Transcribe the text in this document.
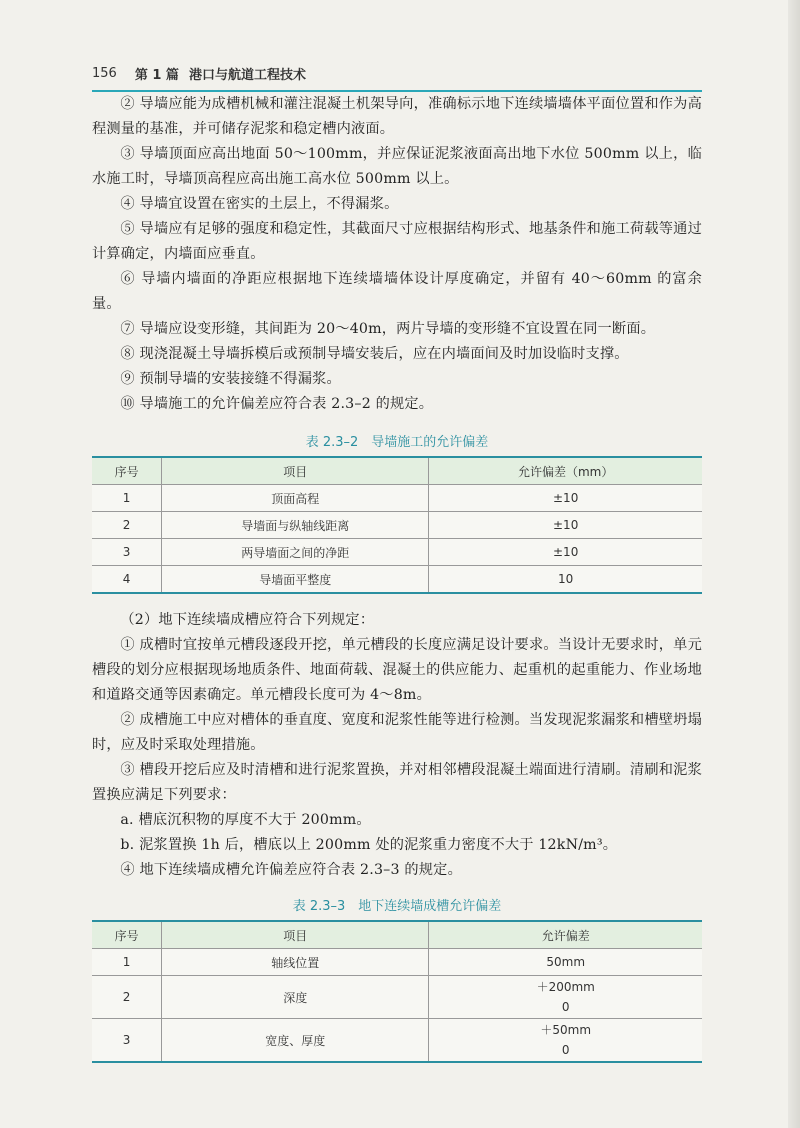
156 第 1 篇 港口与航道工程技术

② 导墙应能为成槽机械和灌注混凝土机架导向，准确标示地下连续墙墙体平面位置和作为高程测量的基准，并可储存泥浆和稳定槽内液面。

③ 导墙顶面应高出地面 50～100mm，并应保证泥浆液面高出地下水位 500mm 以上，临水施工时，导墙顶高程应高出施工高水位 500mm 以上。

④ 导墙宜设置在密实的土层上，不得漏浆。

⑤ 导墙应有足够的强度和稳定性，其截面尺寸应根据结构形式、地基条件和施工荷载等通过计算确定，内墙面应垂直。

⑥ 导墙内墙面的净距应根据地下连续墙墙体设计厚度确定，并留有 40～60mm 的富余量。

⑦ 导墙应设变形缝，其间距为 20～40m，两片导墙的变形缝不宜设置在同一断面。

⑧ 现浇混凝土导墙拆模后或预制导墙安装后，应在内墙面间及时加设临时支撑。

⑨ 预制导墙的安装接缝不得漏浆。

⑩ 导墙施工的允许偏差应符合表 2.3–2 的规定。

表 2.3–2　导墙施工的允许偏差

序号	项目	允许偏差（mm）
1	顶面高程	±10
2	导墙面与纵轴线距离	±10
3	两导墙面之间的净距	±10
4	导墙面平整度	10

（2）地下连续墙成槽应符合下列规定：

① 成槽时宜按单元槽段逐段开挖，单元槽段的长度应满足设计要求。当设计无要求时，单元槽段的划分应根据现场地质条件、地面荷载、混凝土的供应能力、起重机的起重能力、作业场地和道路交通等因素确定。单元槽段长度可为 4～8m。

② 成槽施工中应对槽体的垂直度、宽度和泥浆性能等进行检测。当发现泥浆漏浆和槽壁坍塌时，应及时采取处理措施。

③ 槽段开挖后应及时清槽和进行泥浆置换，并对相邻槽段混凝土端面进行清刷。清刷和泥浆置换应满足下列要求：

a. 槽底沉积物的厚度不大于 200mm。

b. 泥浆置换 1h 后，槽底以上 200mm 处的泥浆重力密度不大于 12kN/m³。

④ 地下连续墙成槽允许偏差应符合表 2.3–3 的规定。

表 2.3–3　地下连续墙成槽允许偏差

序号	项目	允许偏差
1	轴线位置	50mm
2	深度	＋200mm
0

3	宽度、厚度	＋50mm
0
